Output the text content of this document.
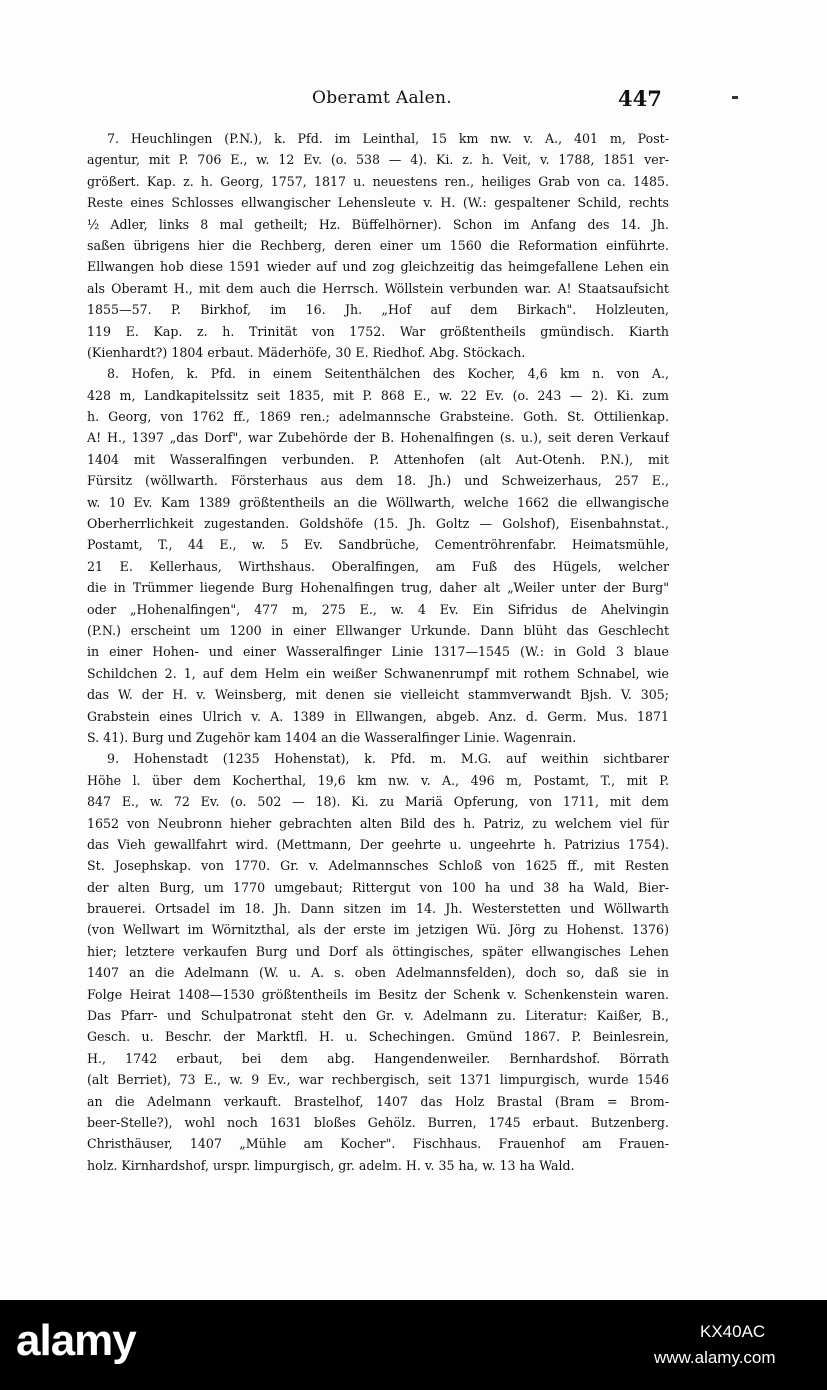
Oberamt Aalen.	447
7. Heuchlingen (P.N.), k. Pfd. im Leinthal, 15 km nw. v. A., 401 m, Post-
agentur, mit P. 706 E., w. 12 Ev. (o. 538 — 4). Ki. z. h. Veit, v. 1788, 1851 ver-
größert. Kap. z. h. Georg, 1757, 1817 u. neuestens ren., heiliges Grab von ca. 1485.
Reste eines Schlosses ellwangischer Lehensleute v. H. (W.: gespaltener Schild, rechts
½ Adler, links 8 mal getheilt; Hz. Büffelhörner). Schon im Anfang des 14. Jh.
saßen übrigens hier die Rechberg, deren einer um 1560 die Reformation einführte.
Ellwangen hob diese 1591 wieder auf und zog gleichzeitig das heimgefallene Lehen ein
als Oberamt H., mit dem auch die Herrsch. Wöllstein verbunden war. A! Staatsaufsicht
1855—57. P. Birkhof, im 16. Jh. „Hof auf dem Birkach". Holzleuten,
119 E. Kap. z. h. Trinität von 1752. War größtentheils gmündisch. Kiarth
(Kienhardt?) 1804 erbaut. Mäderhöfe, 30 E. Riedhof. Abg. Stöckach.
8. Hofen, k. Pfd. in einem Seitenthälchen des Kocher, 4,6 km n. von A.,
428 m, Landkapitelssitz seit 1835, mit P. 868 E., w. 22 Ev. (o. 243 — 2). Ki. zum
h. Georg, von 1762 ff., 1869 ren.; adelmannsche Grabsteine. Goth. St. Ottilienkap.
A! H., 1397 „das Dorf", war Zubehörde der B. Hohenalfingen (s. u.), seit deren Verkauf
1404 mit Wasseralfingen verbunden. P. Attenhofen (alt Aut-Otenh. P.N.), mit
Fürsitz (wöllwarth. Försterhaus aus dem 18. Jh.) und Schweizerhaus, 257 E.,
w. 10 Ev. Kam 1389 größtentheils an die Wöllwarth, welche 1662 die ellwangische
Oberherrlichkeit zugestanden. Goldshöfe (15. Jh. Goltz — Golshof), Eisenbahnstat.,
Postamt, T., 44 E., w. 5 Ev. Sandbrüche, Cementröhrenfabr. Heimatsmühle,
21 E. Kellerhaus, Wirthshaus. Oberalfingen, am Fuß des Hügels, welcher
die in Trümmer liegende Burg Hohenalfingen trug, daher alt „Weiler unter der Burg"
oder „Hohenalfingen", 477 m, 275 E., w. 4 Ev. Ein Sifridus de Ahelvingin
(P.N.) erscheint um 1200 in einer Ellwanger Urkunde. Dann blüht das Geschlecht
in einer Hohen- und einer Wasseralfinger Linie 1317—1545 (W.: in Gold 3 blaue
Schildchen 2. 1, auf dem Helm ein weißer Schwanenrumpf mit rothem Schnabel, wie
das W. der H. v. Weinsberg, mit denen sie vielleicht stammverwandt Bjsh. V. 305;
Grabstein eines Ulrich v. A. 1389 in Ellwangen, abgeb. Anz. d. Germ. Mus. 1871
S. 41). Burg und Zugehör kam 1404 an die Wasseralfinger Linie. Wagenrain.
9. Hohenstadt (1235 Hohenstat), k. Pfd. m. M.G. auf weithin sichtbarer
Höhe l. über dem Kocherthal, 19,6 km nw. v. A., 496 m, Postamt, T., mit P.
847 E., w. 72 Ev. (o. 502 — 18). Ki. zu Mariä Opferung, von 1711, mit dem
1652 von Neubronn hieher gebrachten alten Bild des h. Patriz, zu welchem viel für
das Vieh gewallfahrt wird. (Mettmann, Der geehrte u. ungeehrte h. Patrizius 1754).
St. Josephskap. von 1770. Gr. v. Adelmannsches Schloß von 1625 ff., mit Resten
der alten Burg, um 1770 umgebaut; Rittergut von 100 ha und 38 ha Wald, Bier-
brauerei. Ortsadel im 18. Jh. Dann sitzen im 14. Jh. Westerstetten und Wöllwarth
(von Wellwart im Wörnitzthal, als der erste im jetzigen Wü. Jörg zu Hohenst. 1376)
hier; letztere verkaufen Burg und Dorf als öttingisches, später ellwangisches Lehen
1407 an die Adelmann (W. u. A. s. oben Adelmannsfelden), doch so, daß sie in
Folge Heirat 1408—1530 größtentheils im Besitz der Schenk v. Schenkenstein waren.
Das Pfarr- und Schulpatronat steht den Gr. v. Adelmann zu. Literatur: Kaißer, B.,
Gesch. u. Beschr. der Marktfl. H. u. Schechingen. Gmünd 1867. P. Beinlesrein,
H., 1742 erbaut, bei dem abg. Hangendenweiler. Bernhardshof. Börrath
(alt Berriet), 73 E., w. 9 Ev., war rechbergisch, seit 1371 limpurgisch, wurde 1546
an die Adelmann verkauft. Brastelhof, 1407 das Holz Brastal (Bram = Brom-
beer-Stelle?), wohl noch 1631 bloßes Gehölz. Burren, 1745 erbaut. Butzenberg.
Christhäuser, 1407 „Mühle am Kocher". Fischhaus. Frauenhof am Frauen-
holz. Kirnhardshof, urspr. limpurgisch, gr. adelm. H. v. 35 ha, w. 13 ha Wald.
alamy	KX40AC
www.alamy.com
